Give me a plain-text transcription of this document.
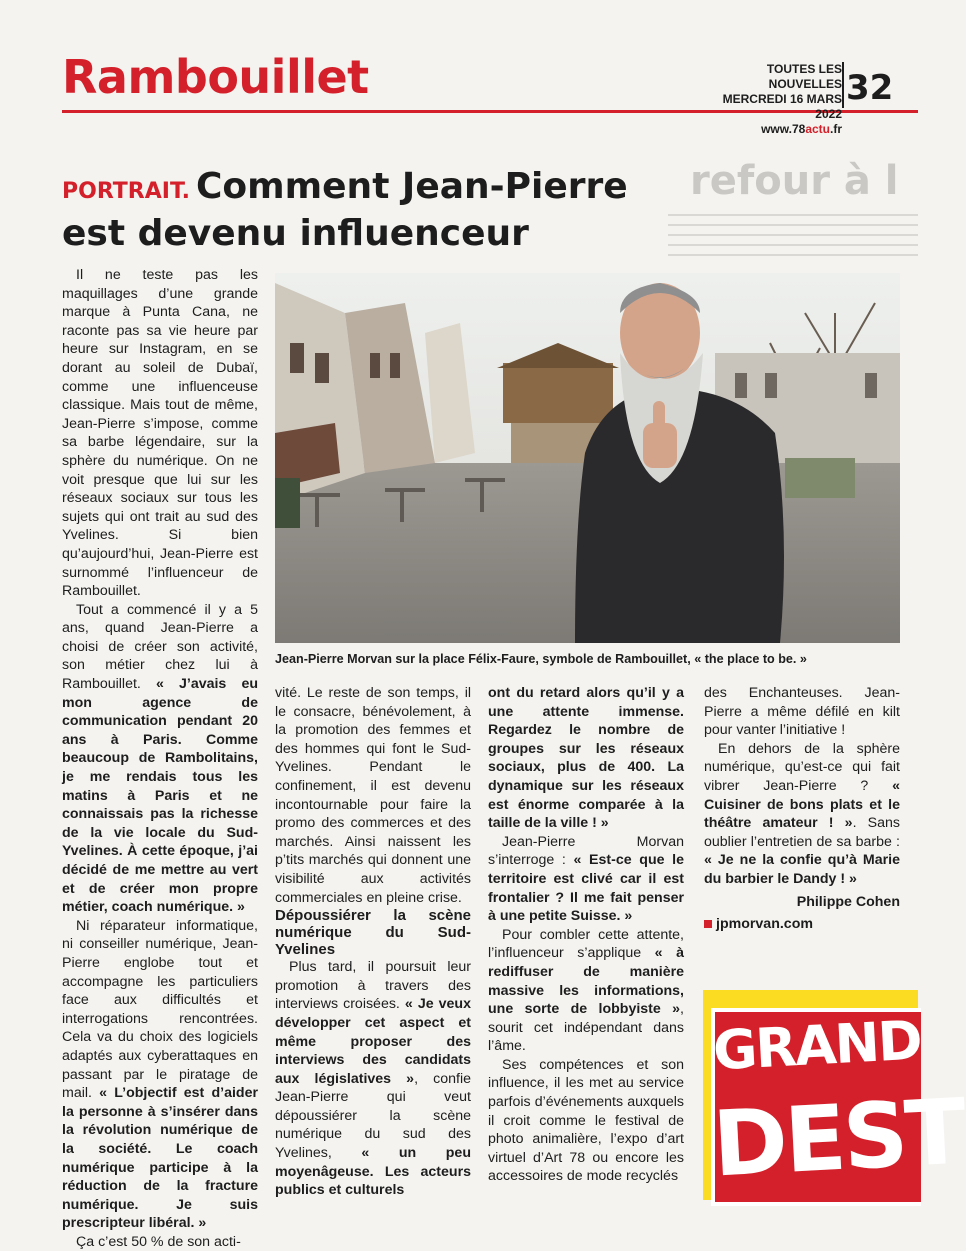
Rambouillet	TOUTES LES NOUVELLES
MERCREDI 16 MARS 2022
www.78actu.fr
32
refour à l
PORTRAIT. Comment Jean-Pierre est devenu influenceur
Jean-Pierre Morvan sur la place Félix-Faure, symbole de Rambouillet, « the place to be. »

Il ne teste pas les maquillages d’une grande marque à Punta Cana, ne raconte pas sa vie heure par heure sur Instagram, en se dorant au soleil de Dubaï, comme une influenceuse classique. Mais tout de même, Jean-Pierre s’impose, comme sa barbe légendaire, sur la sphère du numérique. On ne voit presque que lui sur les réseaux sociaux sur tous les sujets qui ont trait au sud des Yvelines. Si bien qu’aujourd’hui, Jean-Pierre est surnommé l’influenceur de Rambouillet.

Tout a commencé il y a 5 ans, quand Jean-Pierre a choisi de créer son activité, son métier chez lui à Rambouillet. « J’avais eu mon agence de communication pendant 20 ans à Paris. Comme beaucoup de Rambolitains, je me rendais tous les matins à Paris et ne connaissais pas la richesse de la vie locale du Sud-Yvelines. À cette époque, j’ai décidé de me mettre au vert et de créer mon propre métier, coach numérique. »

Ni réparateur informatique, ni conseiller numérique, Jean-Pierre englobe tout et accompagne les particuliers face aux difficultés et interrogations rencontrées. Cela va du choix des logiciels adaptés aux cyberattaques en passant par le piratage de mail. « L’objectif est d’aider la personne à s’insérer dans la révolution numérique de la société. Le coach numérique participe à la réduction de la fracture numérique. Je suis prescripteur libéral. »

Ça c’est 50 % de son acti-

vité. Le reste de son temps, il le consacre, bénévolement, à la promotion des femmes et des hommes qui font le Sud-Yvelines. Pendant le confinement, il est devenu incontournable pour faire la promo des commerces et des marchés. Ainsi naissent les p’tits marchés qui donnent une visibilité aux activités commerciales en pleine crise.

Dépoussiérer la scène numérique du Sud-Yvelines

Plus tard, il poursuit leur promotion à travers des interviews croisées. « Je veux développer cet aspect et même proposer des interviews des candidats aux législatives », confie Jean-Pierre qui veut dépoussiérer la scène numérique du sud des Yvelines, « un peu moyenâgeuse. Les acteurs publics et culturels

ont du retard alors qu’il y a une attente immense. Regardez le nombre de groupes sur les réseaux sociaux, plus de 400. La dynamique sur les réseaux est énorme comparée à la taille de la ville ! »

Jean-Pierre Morvan s’interroge : « Est-ce que le territoire est clivé car il est frontalier ? Il me fait penser à une petite Suisse. »

Pour combler cette attente, l’influenceur s’applique « à rediffuser de manière massive les informations, une sorte de lobbyiste », sourit cet indépendant dans l’âme.

Ses compétences et son influence, il les met au service parfois d’événements auxquels il croit comme le festival de photo animalière, l’expo d’art virtuel d’Art 78 ou encore les accessoires de mode recyclés

des Enchanteuses. Jean-Pierre a même défilé en kilt pour vanter l’initiative !

En dehors de la sphère numérique, qu’est-ce qui fait vibrer Jean-Pierre ? « Cuisiner de bons plats et le théâtre amateur ! ». Sans oublier l’entretien de sa barbe : « Je ne la confie qu’à Marie du barbier le Dandy ! »

Philippe Cohen

jpmorvan.com

GRAND
DEST
